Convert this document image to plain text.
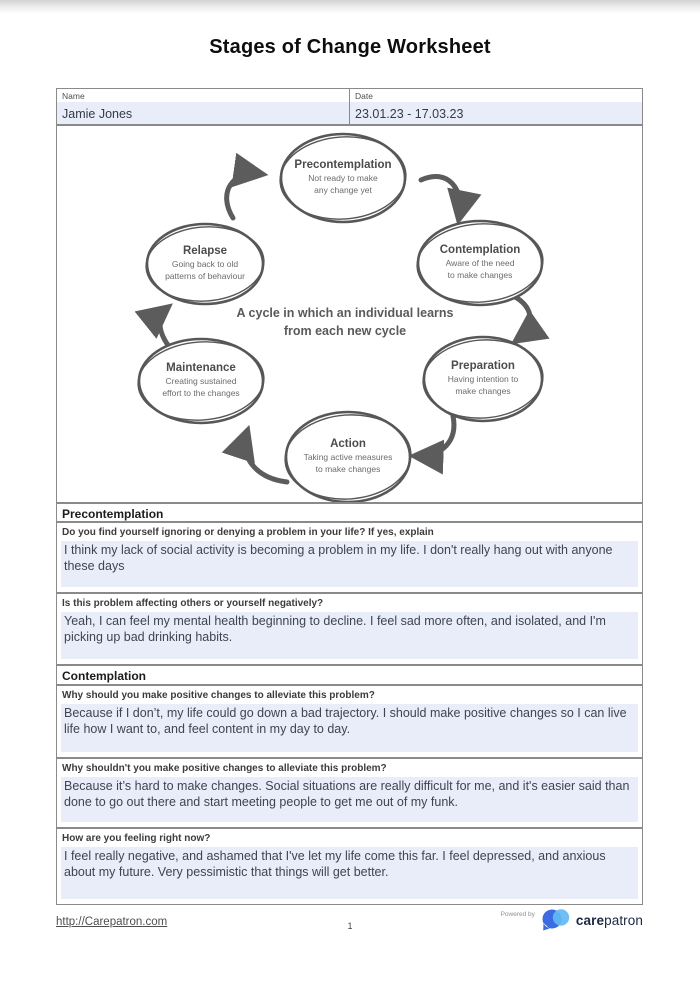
Stages of Change Worksheet
Name
Jamie Jones
Date
23.01.23 - 17.03.23
Precontemplation
Not ready to make
any change yet
Contemplation
Aware of the need
to make changes
Preparation
Having intention to
make changes
Action
Taking active measures
to make changes
Maintenance
Creating sustained
effort to the changes
Relapse
Going back to old
patterns of behaviour
A cycle in which an individual learns
from each new cycle
Precontemplation
Do you find yourself ignoring or denying a problem in your life? If yes, explain
I think my lack of social activity is becoming a problem in my life. I don't really hang out with anyone these days
Is this problem affecting others or yourself negatively?
Yeah, I can feel my mental health beginning to decline. I feel sad more often, and isolated, and I'm picking up bad drinking habits.
Contemplation
Why should you make positive changes to alleviate this problem?
Because if I don’t, my life could go down a bad trajectory. I should make positive changes so I can live life how I want to, and feel content in my day to day.
Why shouldn't you make positive changes to alleviate this problem?
Because it’s hard to make changes. Social situations are really difficult for me, and it's easier said than done to go out there and start meeting people to get me out of my funk.
How are you feeling right now?
I feel really negative, and ashamed that I've let my life come this far. I feel depressed, and anxious about my future. Very pessimistic that things will get better.
http://Carepatron.com	1
Powered by	carepatron
